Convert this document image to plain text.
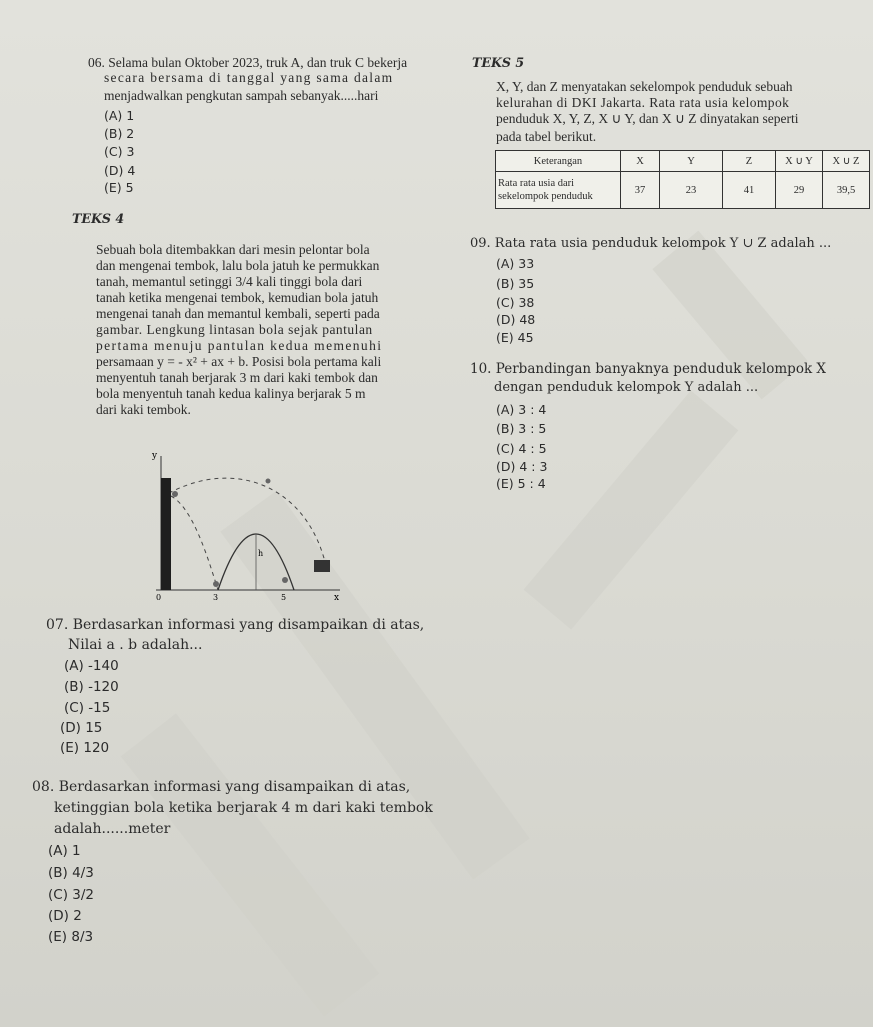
06. Selama bulan Oktober 2023, truk A, dan truk C bekerja
secara bersama di tanggal yang sama dalam
menjadwalkan pengkutan sampah sebanyak.....hari
(A) 1
(B) 2
(C) 3
(D) 4
(E) 5
TEKS 5
X, Y, dan Z menyatakan sekelompok penduduk sebuah
kelurahan di DKI Jakarta. Rata rata usia kelompok
penduduk X, Y, Z, X ∪ Y, dan X ∪ Z dinyatakan seperti
pada tabel berikut.
Keterangan	X	Y	Z	X ∪ Y	X ∪ Z
Rata rata usia dari sekelompok penduduk	37	23	41	29	39,5
TEKS 4
Sebuah bola ditembakkan dari mesin pelontar bola
dan mengenai tembok, lalu bola jatuh ke permukkan
tanah, memantul setinggi 3/4 kali tinggi bola dari
tanah ketika mengenai tembok, kemudian bola jatuh
mengenai tanah dan memantul kembali, seperti pada
gambar. Lengkung lintasan bola sejak pantulan
pertama menuju pantulan kedua memenuhi
persamaan y = - x² + ax + b. Posisi bola pertama kali
menyentuh tanah berjarak 3 m dari kaki tembok dan
bola menyentuh tanah kedua kalinya berjarak 5 m
dari kaki tembok.
y
x
0	3	5
h
07. Berdasarkan informasi yang disampaikan di atas,
Nilai a . b adalah...
(A) -140
(B) -120
(C) -15
(D) 15
(E) 120
08. Berdasarkan informasi yang disampaikan di atas,
ketinggian bola ketika berjarak 4 m dari kaki tembok
adalah......meter
(A) 1
(B) 4/3
(C) 3/2
(D) 2
(E) 8/3
09. Rata rata usia penduduk kelompok Y ∪ Z adalah ...
(A) 33
(B) 35
(C) 38
(D) 48
(E) 45
10. Perbandingan banyaknya penduduk kelompok X
dengan penduduk kelompok Y adalah ...
(A) 3 : 4
(B) 3 : 5
(C) 4 : 5
(D) 4 : 3
(E) 5 : 4
